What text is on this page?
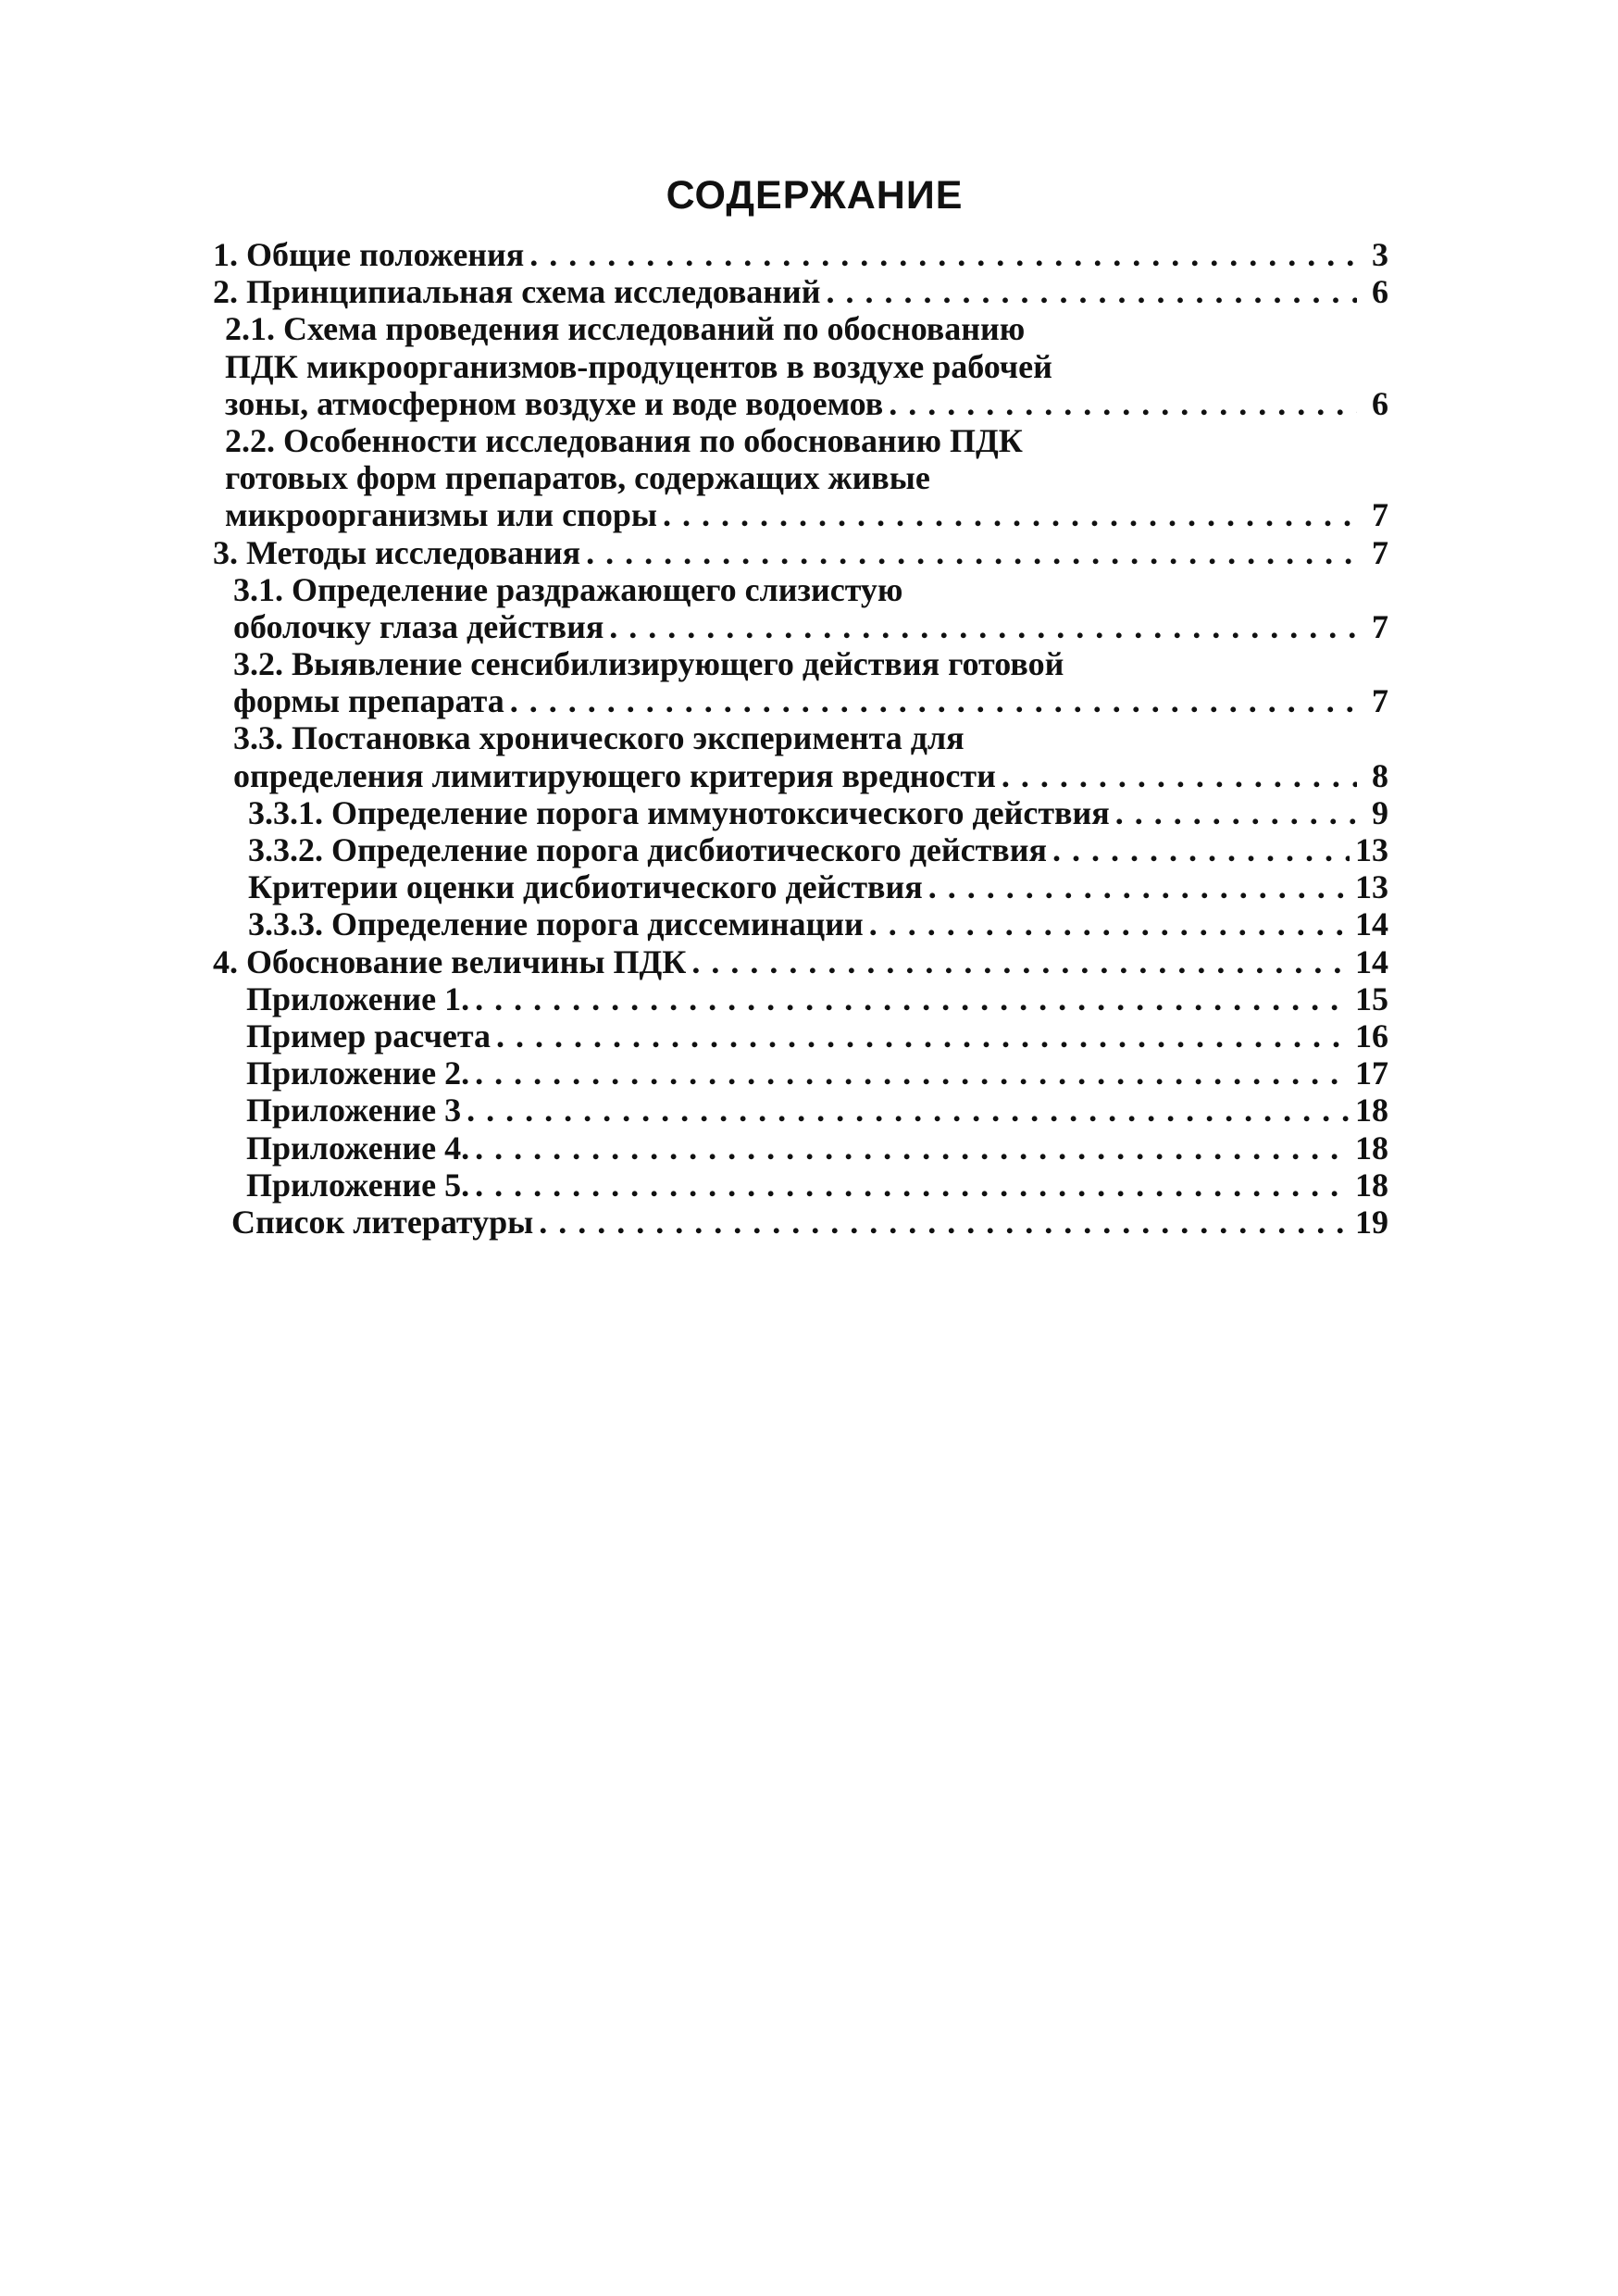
СОДЕРЖАНИЕ
1. Общие положения . . .	3
2. Принципиальная схема исследований . . .	6
2.1. Схема проведения исследований по обоснованию
ПДК микроорганизмов-продуцентов в воздухе рабочей
зоны, атмосферном воздухе и воде водоемов . . .	6
2.2. Особенности исследования по обоснованию ПДК
готовых форм препаратов, содержащих живые
микроорганизмы или споры . . .	7
3. Методы исследования . . .	7
3.1. Определение раздражающего слизистую
оболочку глаза действия . . .	7
3.2. Выявление сенсибилизирующего действия готовой
формы препарата . . .	7
3.3. Постановка хронического эксперимента для
определения лимитирующего критерия вредности . . .	8
3.3.1. Определение порога иммунотоксического действия . . .	9
3.3.2. Определение порога дисбиотического действия . . .	13
Критерии оценки дисбиотического действия . . .	13
3.3.3. Определение порога диссеминации . . .	14
4. Обоснование величины ПДК . . .	14
Приложение 1. . . .	15
Пример расчета . . .	16
Приложение 2. . . .	17
Приложение 3 . . .	18
Приложение 4. . . .	18
Приложение 5. . . .	18
Список литературы . . .	19
